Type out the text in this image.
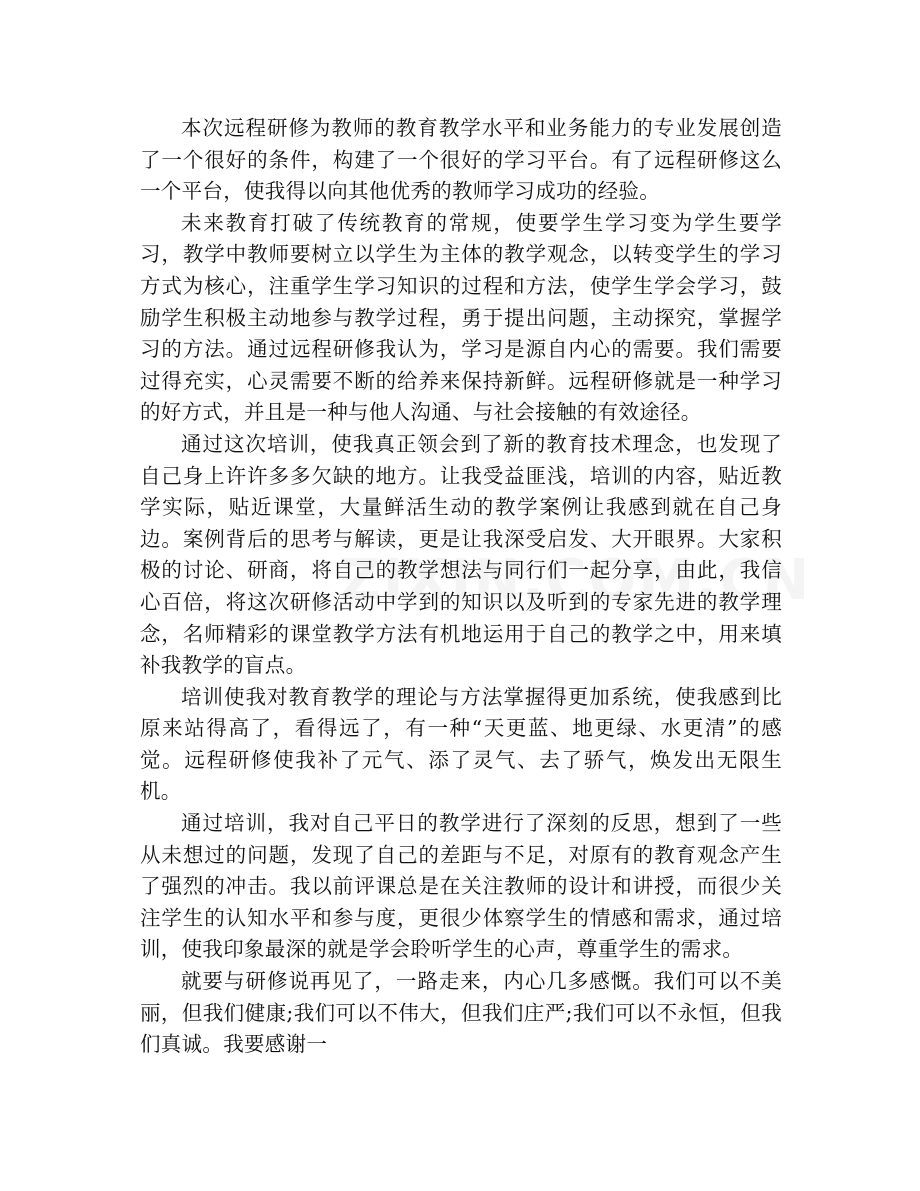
本次远程研修为教师的教育教学水平和业务能力的专业发展创造了一个很好的条件，构建了一个很好的学习平台。有了远程研修这么一个平台，使我得以向其他优秀的教师学习成功的经验。

未来教育打破了传统教育的常规，使要学生学习变为学生要学习，教学中教师要树立以学生为主体的教学观念，以转变学生的学习方式为核心，注重学生学习知识的过程和方法，使学生学会学习，鼓励学生积极主动地参与教学过程，勇于提出问题，主动探究，掌握学习的方法。通过远程研修我认为，学习是源自内心的需要。我们需要过得充实，心灵需要不断的给养来保持新鲜。远程研修就是一种学习的好方式，并且是一种与他人沟通、与社会接触的有效途径。

通过这次培训，使我真正领会到了新的教育技术理念，也发现了自己身上许许多多欠缺的地方。让我受益匪浅，培训的内容，贴近教学实际，贴近课堂，大量鲜活生动的教学案例让我感到就在自己身边。案例背后的思考与解读，更是让我深受启发、大开眼界。大家积极的讨论、研商，将自己的教学想法与同行们一起分享，由此，我信心百倍，将这次研修活动中学到的知识以及听到的专家先进的教学理念，名师精彩的课堂教学方法有机地运用于自己的教学之中，用来填补我教学的盲点。

培训使我对教育教学的理论与方法掌握得更加系统，使我感到比原来站得高了，看得远了，有一种“天更蓝、地更绿、水更清”的感觉。远程研修使我补了元气、添了灵气、去了骄气，焕发出无限生机。

通过培训，我对自己平日的教学进行了深刻的反思，想到了一些从未想过的问题，发现了自己的差距与不足，对原有的教育观念产生了强烈的冲击。我以前评课总是在关注教师的设计和讲授，而很少关注学生的认知水平和参与度，更很少体察学生的情感和需求，通过培训，使我印象最深的就是学会聆听学生的心声，尊重学生的需求。

就要与研修说再见了，一路走来，内心几多感慨。我们可以不美丽，但我们健康;我们可以不伟大，但我们庄严;我们可以不永恒，但我们真诚。我要感谢一
